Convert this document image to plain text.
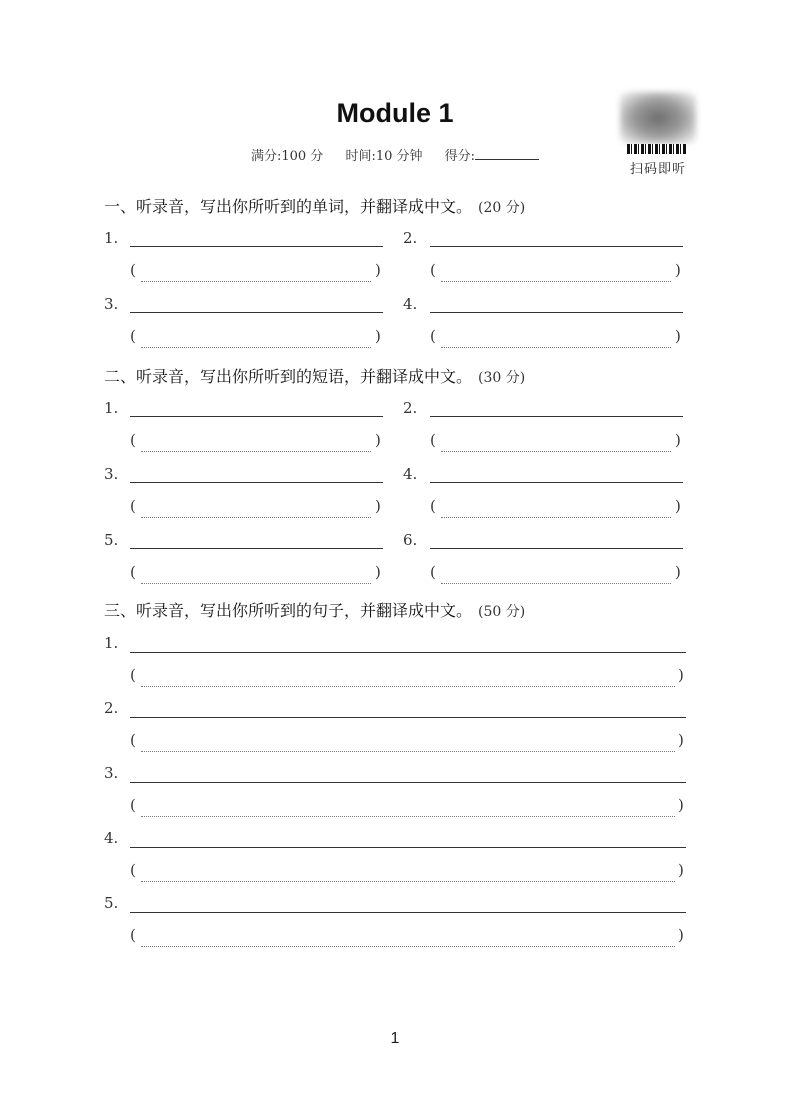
Module 1
满分:100 分 时间:10 分钟 得分:
扫码即听
一、听录音，写出你所听到的单词，并翻译成中文。 (20 分)
1.
(	)
2.
(	)
3.
(	)
4.
(	)
二、听录音，写出你所听到的短语，并翻译成中文。 (30 分)
1.
(	)
2.
(	)
3.
(	)
4.
(	)
5.
(	)
6.
(	)
三、听录音，写出你所听到的句子，并翻译成中文。 (50 分)
1.
(	)
2.
(	)
3.
(	)
4.
(	)
5.
(	)
1
